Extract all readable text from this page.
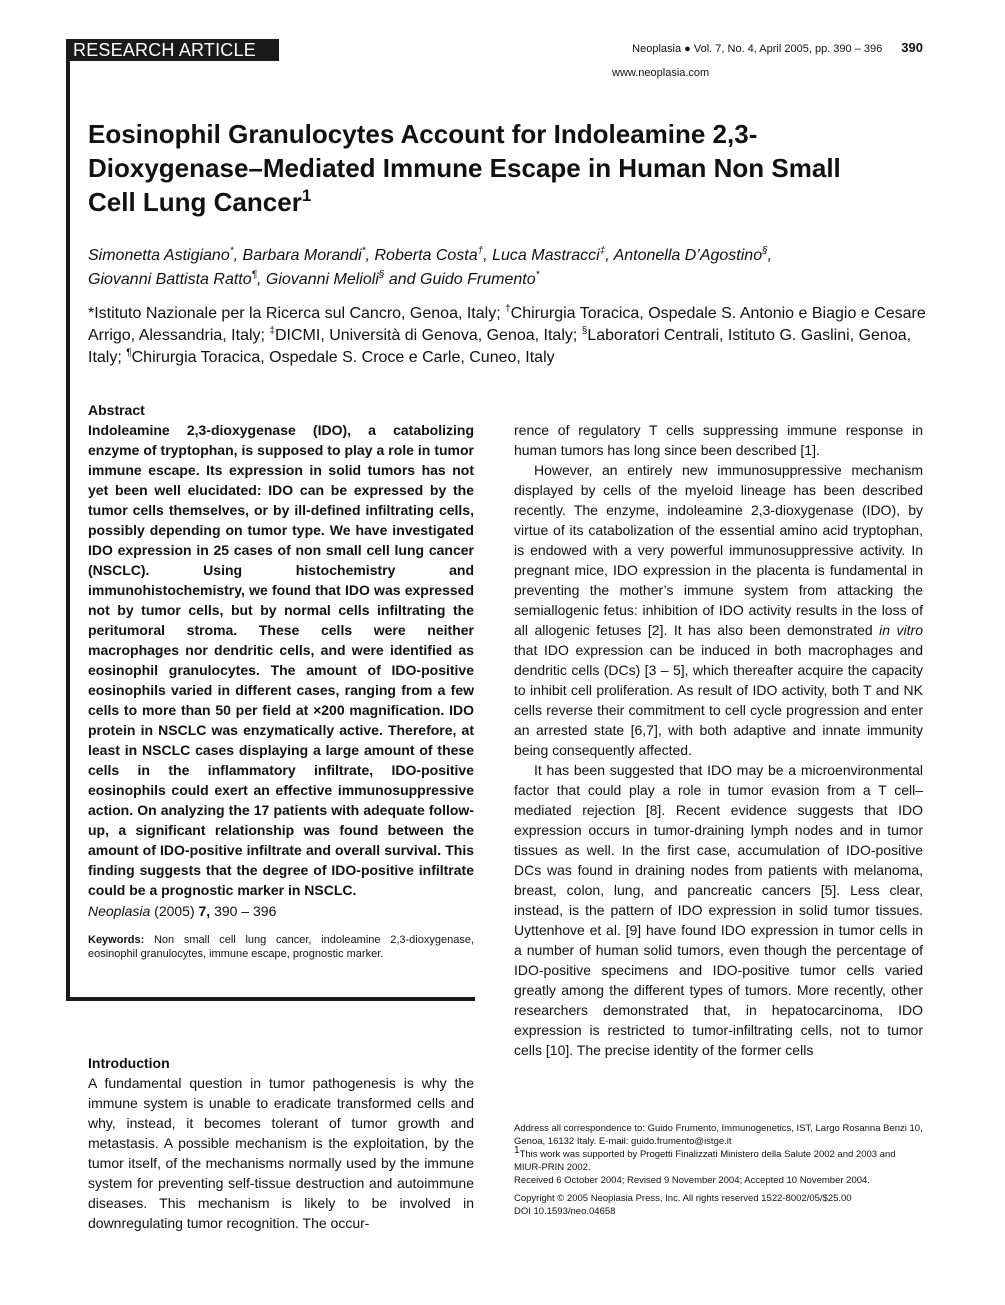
RESEARCH ARTICLE	Neoplasia ● Vol. 7, No. 4, April 2005, pp. 390 – 396 390
www.neoplasia.com
Eosinophil Granulocytes Account for Indoleamine 2,3-Dioxygenase–Mediated Immune Escape in Human Non Small Cell Lung Cancer$^1$
Simonetta Astigiano*, Barbara Morandi*, Roberta Costa†, Luca Mastracci‡, Antonella D’Agostino§,
Giovanni Battista Ratto¶, Giovanni Melioli§ and Guido Frumento*
*Istituto Nazionale per la Ricerca sul Cancro, Genoa, Italy; †Chirurgia Toracica, Ospedale S. Antonio e Biagio e Cesare Arrigo, Alessandria, Italy; ‡DICMI, Università di Genova, Genoa, Italy; §Laboratori Centrali, Istituto G. Gaslini, Genoa, Italy; ¶Chirurgia Toracica, Ospedale S. Croce e Carle, Cuneo, Italy
Abstract
Indoleamine 2,3-dioxygenase (IDO), a catabolizing enzyme of tryptophan, is supposed to play a role in tumor immune escape. Its expression in solid tumors has not yet been well elucidated: IDO can be expressed by the tumor cells themselves, or by ill-defined infiltrating cells, possibly depending on tumor type. We have investigated IDO expression in 25 cases of non small cell lung cancer (NSCLC). Using histochemistry and immunohistochemistry, we found that IDO was expressed not by tumor cells, but by normal cells infiltrating the peritumoral stroma. These cells were neither macrophages nor dendritic cells, and were identified as eosinophil granulocytes. The amount of IDO-positive eosinophils varied in different cases, ranging from a few cells to more than 50 per field at ×200 magnification. IDO protein in NSCLC was enzymatically active. Therefore, at least in NSCLC cases displaying a large amount of these cells in the inflammatory infiltrate, IDO-positive eosinophils could exert an effective immunosuppressive action. On analyzing the 17 patients with adequate follow-up, a significant relationship was found between the amount of IDO-positive infiltrate and overall survival. This finding suggests that the degree of IDO-positive infiltrate could be a prognostic marker in NSCLC.
Neoplasia (2005) 7, 390 – 396
Keywords: Non small cell lung cancer, indoleamine 2,3-dioxygenase, eosinophil granulocytes, immune escape, prognostic marker.
Introduction
A fundamental question in tumor pathogenesis is why the immune system is unable to eradicate transformed cells and why, instead, it becomes tolerant of tumor growth and metastasis. A possible mechanism is the exploitation, by the tumor itself, of the mechanisms normally used by the immune system for preventing self-tissue destruction and autoimmune diseases. This mechanism is likely to be involved in downregulating tumor recognition. The occur-

rence of regulatory T cells suppressing immune response in human tumors has long since been described [1].

However, an entirely new immunosuppressive mechanism displayed by cells of the myeloid lineage has been described recently. The enzyme, indoleamine 2,3-dioxygenase (IDO), by virtue of its catabolization of the essential amino acid tryptophan, is endowed with a very powerful immunosuppressive activity. In pregnant mice, IDO expression in the placenta is fundamental in preventing the mother’s immune system from attacking the semiallogenic fetus: inhibition of IDO activity results in the loss of all allogenic fetuses [2]. It has also been demonstrated in vitro that IDO expression can be induced in both macrophages and dendritic cells (DCs) [3 – 5], which thereafter acquire the capacity to inhibit cell proliferation. As result of IDO activity, both T and NK cells reverse their commitment to cell cycle progression and enter an arrested state [6,7], with both adaptive and innate immunity being consequently affected.

It has been suggested that IDO may be a microenvironmental factor that could play a role in tumor evasion from a T cell– mediated rejection [8]. Recent evidence suggests that IDO expression occurs in tumor-draining lymph nodes and in tumor tissues as well. In the first case, accumulation of IDO-positive DCs was found in draining nodes from patients with melanoma, breast, colon, lung, and pancreatic cancers [5]. Less clear, instead, is the pattern of IDO expression in solid tumor tissues. Uyttenhove et al. [9] have found IDO expression in tumor cells in a number of human solid tumors, even though the percentage of IDO-positive specimens and IDO-positive tumor cells varied greatly among the different types of tumors. More recently, other researchers demonstrated that, in hepatocarcinoma, IDO expression is restricted to tumor-infiltrating cells, not to tumor cells [10]. The precise identity of the former cells

Address all correspondence to: Guido Frumento, Immunogenetics, IST, Largo Rosanna Benzi 10, Genoa, 16132 Italy. E-mail: guido.frumento@istge.it
$^1$This work was supported by Progetti Finalizzati Ministero della Salute 2002 and 2003 and MIUR-PRIN 2002.
Received 6 October 2004; Revised 9 November 2004; Accepted 10 November 2004.
Copyright © 2005 Neoplasia Press, Inc. All rights reserved 1522-8002/05/$25.00
DOI 10.1593/neo.04658
